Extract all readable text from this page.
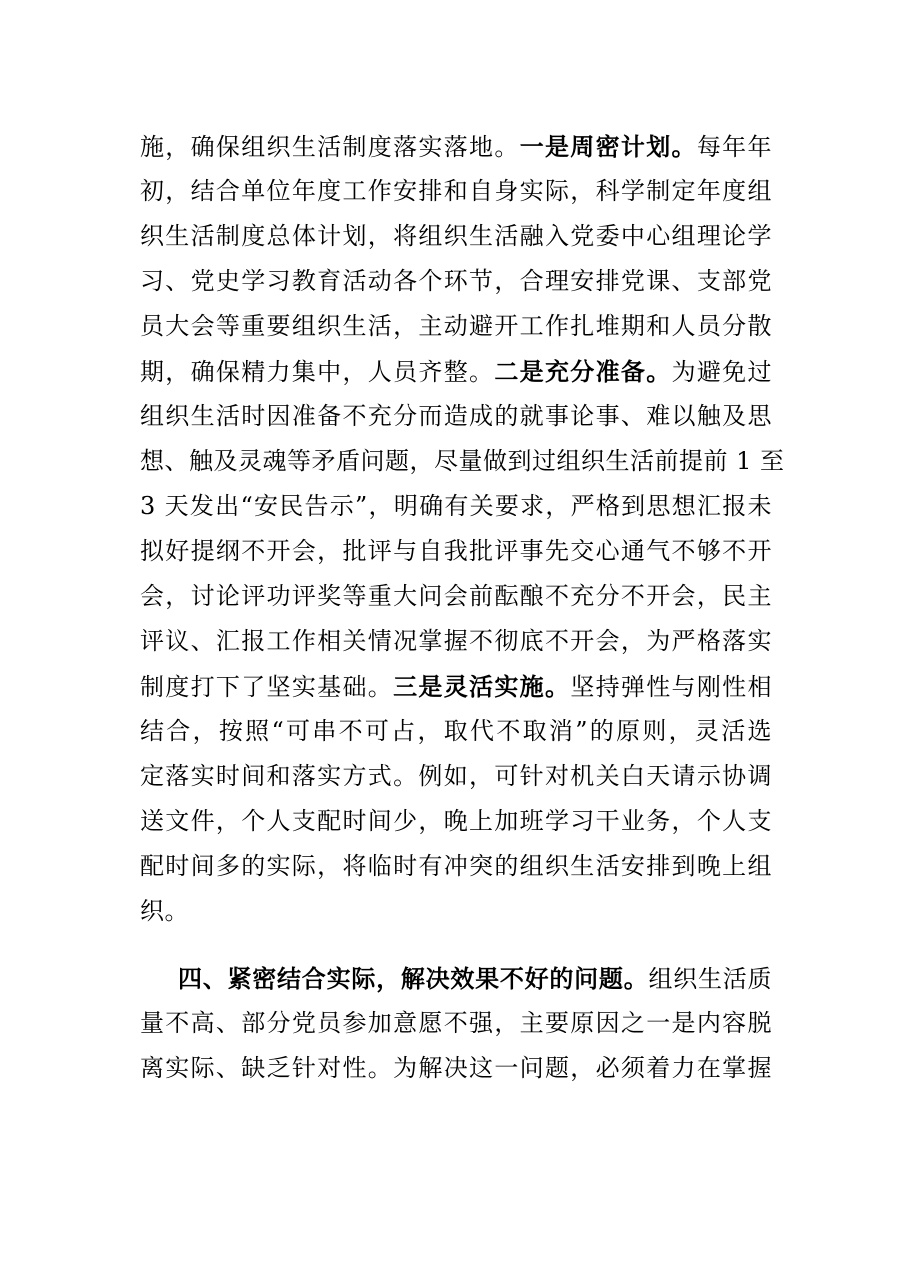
施，确保组织生活制度落实落地。一是周密计划。每年年
初，结合单位年度工作安排和自身实际，科学制定年度组
织生活制度总体计划，将组织生活融入党委中心组理论学
习、党史学习教育活动各个环节，合理安排党课、支部党
员大会等重要组织生活，主动避开工作扎堆期和人员分散
期，确保精力集中，人员齐整。二是充分准备。为避免过
组织生活时因准备不充分而造成的就事论事、难以触及思
想、触及灵魂等矛盾问题，尽量做到过组织生活前提前 1 至
3 天发出“安民告示”，明确有关要求，严格到思想汇报未
拟好提纲不开会，批评与自我批评事先交心通气不够不开
会，讨论评功评奖等重大问会前酝酿不充分不开会，民主
评议、汇报工作相关情况掌握不彻底不开会，为严格落实
制度打下了坚实基础。三是灵活实施。坚持弹性与刚性相
结合，按照“可串不可占，取代不取消”的原则，灵活选
定落实时间和落实方式。例如，可针对机关白天请示协调
送文件，个人支配时间少，晚上加班学习干业务，个人支
配时间多的实际，将临时有冲突的组织生活安排到晚上组
织。
四、紧密结合实际，解决效果不好的问题。组织生活质
量不高、部分党员参加意愿不强，主要原因之一是内容脱
离实际、缺乏针对性。为解决这一问题，必须着力在掌握
